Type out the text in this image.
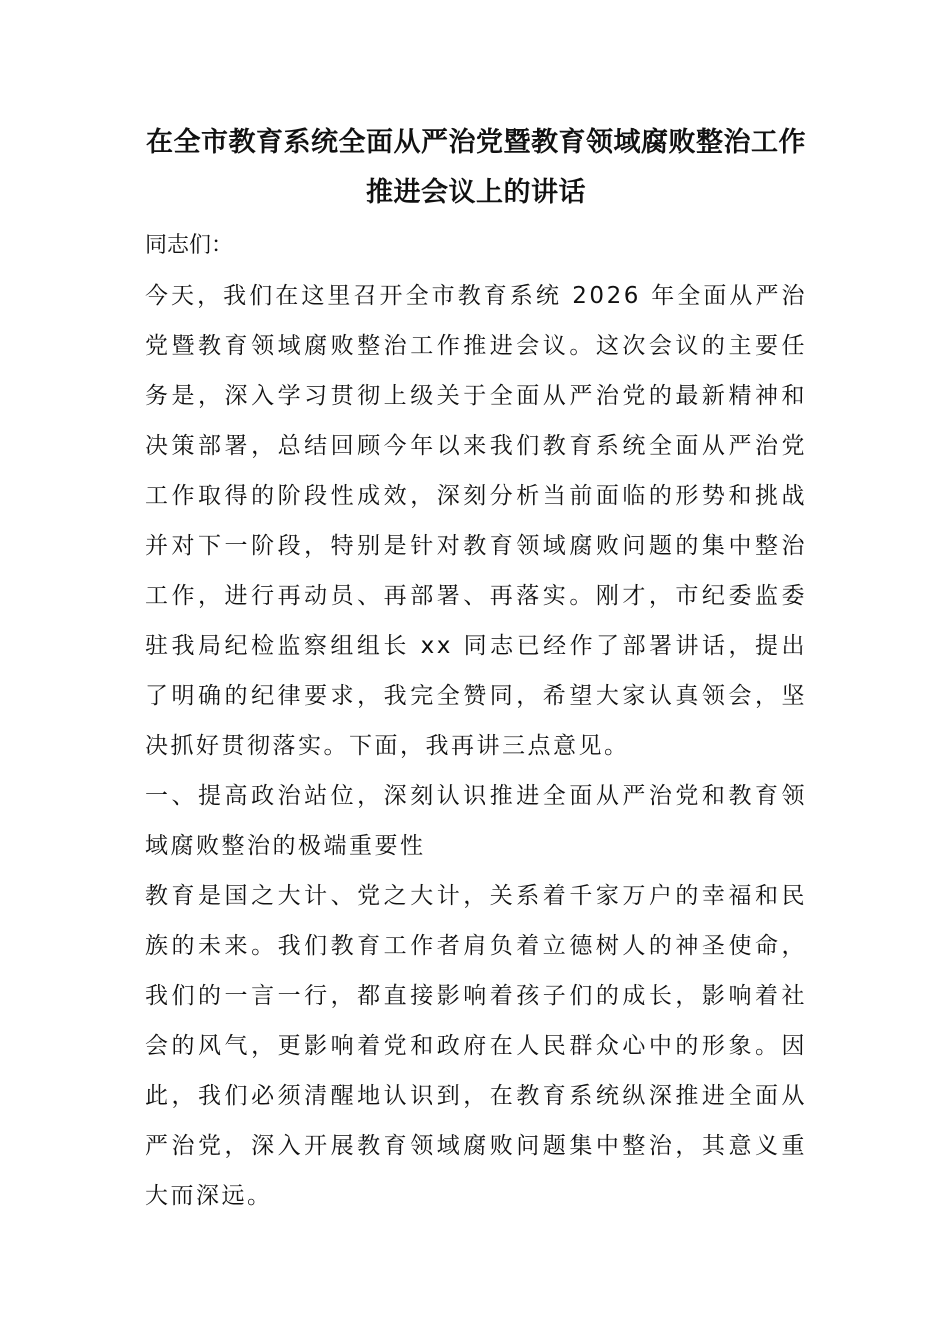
在全市教育系统全面从严治党暨教育领域腐败整治工作推进会议上的讲话

同志们：

今天，我们在这里召开全市教育系统 2026 年全面从严治党暨教育领域腐败整治工作推进会议。这次会议的主要任务是，深入学习贯彻上级关于全面从严治党的最新精神和决策部署，总结回顾今年以来我们教育系统全面从严治党工作取得的阶段性成效，深刻分析当前面临的形势和挑战并对下一阶段，特别是针对教育领域腐败问题的集中整治工作，进行再动员、再部署、再落实。刚才，市纪委监委驻我局纪检监察组组长 xx 同志已经作了部署讲话，提出了明确的纪律要求，我完全赞同，希望大家认真领会，坚决抓好贯彻落实。下面，我再讲三点意见。

一、提高政治站位，深刻认识推进全面从严治党和教育领域腐败整治的极端重要性

教育是国之大计、党之大计，关系着千家万户的幸福和民族的未来。我们教育工作者肩负着立德树人的神圣使命，我们的一言一行，都直接影响着孩子们的成长，影响着社会的风气，更影响着党和政府在人民群众心中的形象。因此，我们必须清醒地认识到，在教育系统纵深推进全面从严治党，深入开展教育领域腐败问题集中整治，其意义重大而深远。
